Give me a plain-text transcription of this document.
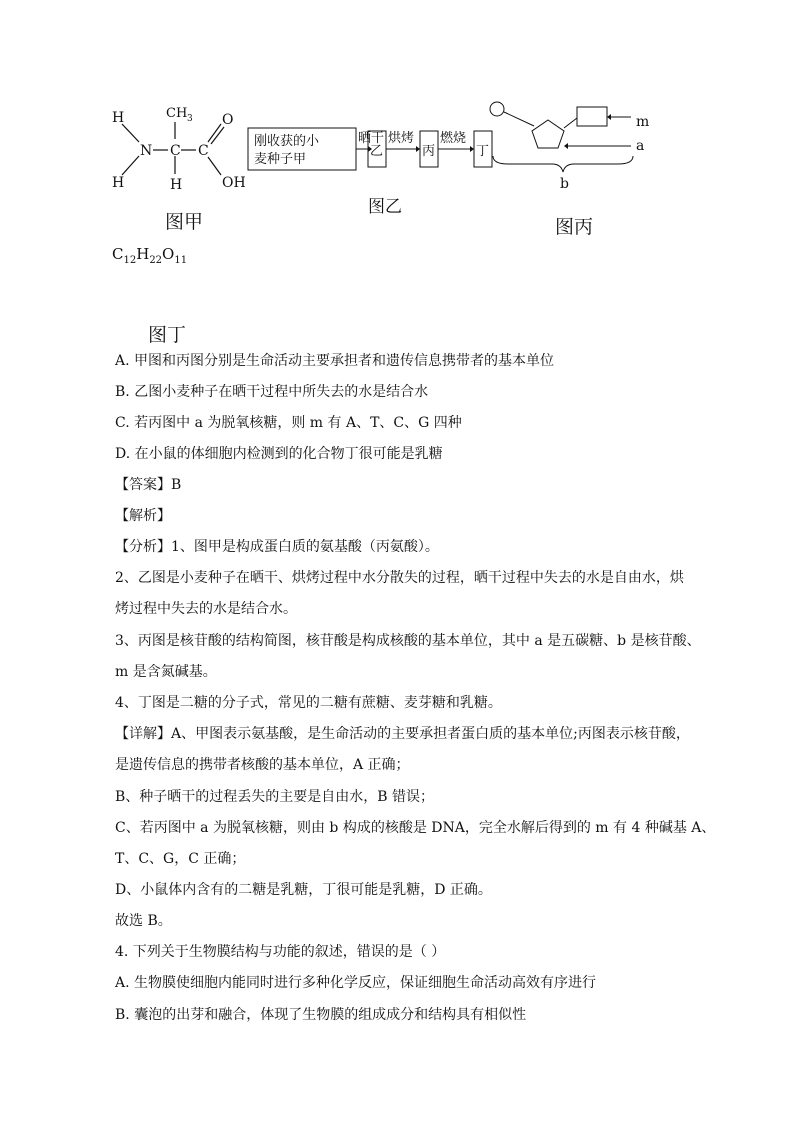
H
H
N C C
H
CH 3 O
OH
图甲
刚收获的小
麦种子甲
晒干
乙
烘烤
丙
燃烧
丁
图乙
m
a
b
图丙
$C_{12}H_{22}O_{11}$
图丁
A. 甲图和丙图分别是生命活动主要承担者和遗传信息携带者的基本单位
B. 乙图小麦种子在晒干过程中所失去的水是结合水
C. 若丙图中 a 为脱氧核糖，则 m 有 A、T、C、G 四种
D. 在小鼠的体细胞内检测到的化合物丁很可能是乳糖
【答案】B
【解析】
【分析】1、图甲是构成蛋白质的氨基酸（丙氨酸）。
2、乙图是小麦种子在晒干、烘烤过程中水分散失的过程，晒干过程中失去的水是自由水，烘
烤过程中失去的水是结合水。
3、丙图是核苷酸的结构简图，核苷酸是构成核酸的基本单位，其中 a 是五碳糖、b 是核苷酸、
m 是含氮碱基。
4、丁图是二糖的分子式，常见的二糖有蔗糖、麦芽糖和乳糖。
【详解】A、甲图表示氨基酸，是生命活动的主要承担者蛋白质的基本单位;丙图表示核苷酸，
是遗传信息的携带者核酸的基本单位，A 正确；
B、种子晒干的过程丢失的主要是自由水，B 错误；
C、若丙图中 a 为脱氧核糖，则由 b 构成的核酸是 DNA，完全水解后得到的 m 有 4 种碱基 A、
T、C、G，C 正确；
D、小鼠体内含有的二糖是乳糖，丁很可能是乳糖，D 正确。
故选 B。
4. 下列关于生物膜结构与功能的叙述，错误的是（ ）
A. 生物膜使细胞内能同时进行多种化学反应，保证细胞生命活动高效有序进行
B. 囊泡的出芽和融合，体现了生物膜的组成成分和结构具有相似性
